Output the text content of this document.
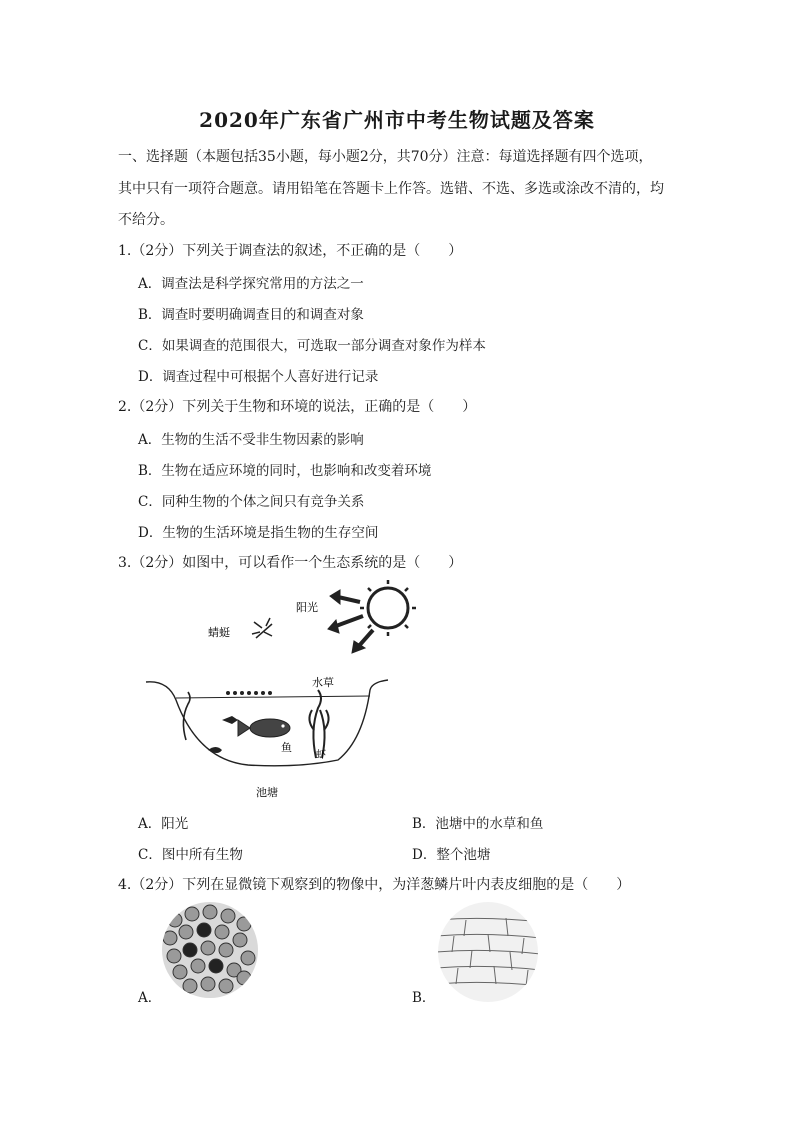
2020年广东省广州市中考生物试题及答案
一、选择题（本题包括35小题，每小题2分，共70分）注意：每道选择题有四个选项，
其中只有一项符合题意。请用铅笔在答题卡上作答。选错、不选、多选或涂改不清的，均
不给分。
1.（2分）下列关于调查法的叙述，不正确的是（　　）
A．调查法是科学探究常用的方法之一
B．调查时要明确调查目的和调查对象
C．如果调查的范围很大，可选取一部分调查对象作为样本
D．调查过程中可根据个人喜好进行记录
2.（2分）下列关于生物和环境的说法，正确的是（　　）
A．生物的生活不受非生物因素的影响
B．生物在适应环境的同时，也影响和改变着环境
C．同种生物的个体之间只有竞争关系
D．生物的生活环境是指生物的生存空间
3.（2分）如图中，可以看作一个生态系统的是（　　）
阳光
蜻蜓
水草
鱼
虾
池塘
A．阳光	B．池塘中的水草和鱼
C．图中所有生物	D．整个池塘
4.（2分）下列在显微镜下观察到的物像中，为洋葱鳞片叶内表皮细胞的是（　　）
A．	B．
